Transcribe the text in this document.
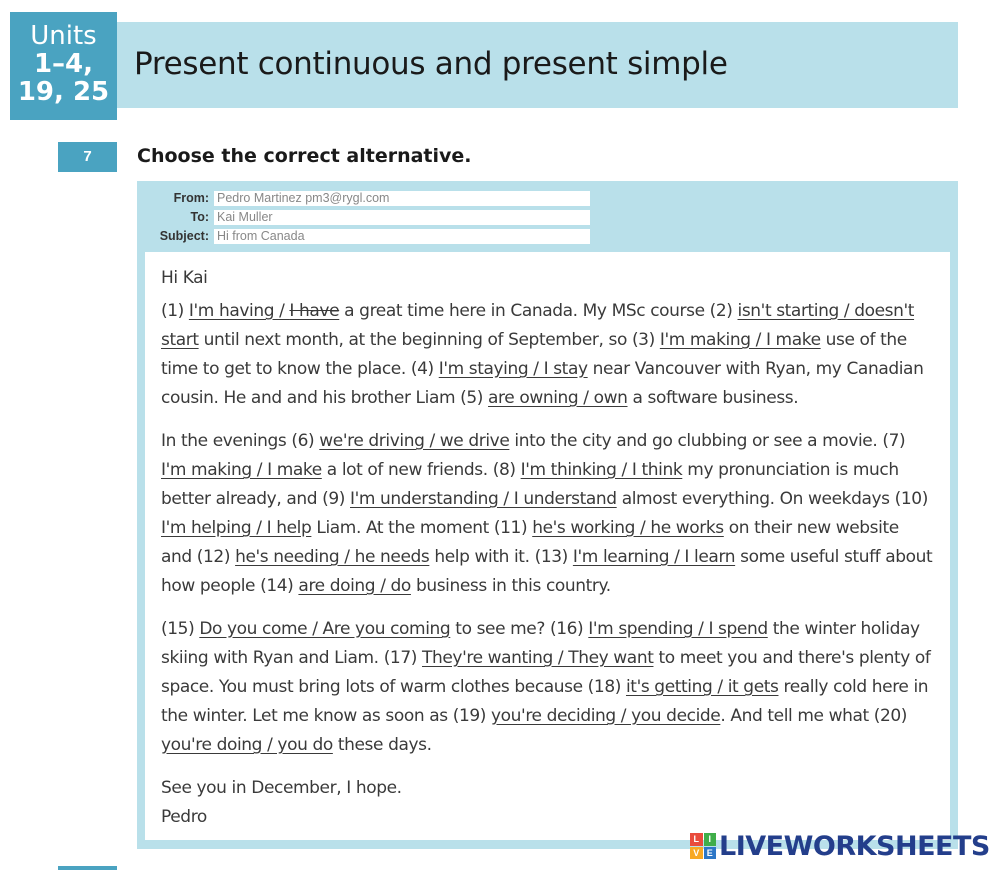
Units
1–4,
19, 25
Present continuous and present simple
7	Choose the correct alternative.
From: Pedro Martinez pm3@rygl.com
To: Kai Muller
Subject: Hi from Canada

Hi Kai

(1) I'm having / I have a great time here in Canada. My MSc course (2) isn't starting / doesn't start until next month, at the beginning of September, so (3) I'm making / I make use of the time to get to know the place. (4) I'm staying / I stay near Vancouver with Ryan, my Canadian cousin. He and and his brother Liam (5) are owning / own a software business.

In the evenings (6) we're driving / we drive into the city and go clubbing or see a movie. (7) I'm making / I make a lot of new friends. (8) I'm thinking / I think my pronunciation is much better already, and (9) I'm understanding / I understand almost everything. On weekdays (10) I'm helping / I help Liam. At the moment (11) he's working / he works on their new website and (12) he's needing / he needs help with it. (13) I'm learning / I learn some useful stuff about how people (14) are doing / do business in this country.

(15) Do you come / Are you coming to see me? (16) I'm spending / I spend the winter holiday skiing with Ryan and Liam. (17) They're wanting / They want to meet you and there's plenty of space. You must bring lots of warm clothes because (18) it's getting / it gets really cold here in the winter. Let me know as soon as (19) you're deciding / you decide. And tell me what (20) you're doing / you do these days.

See you in December, I hope.

Pedro

L	I
V E LIVEWORKSHEETS
